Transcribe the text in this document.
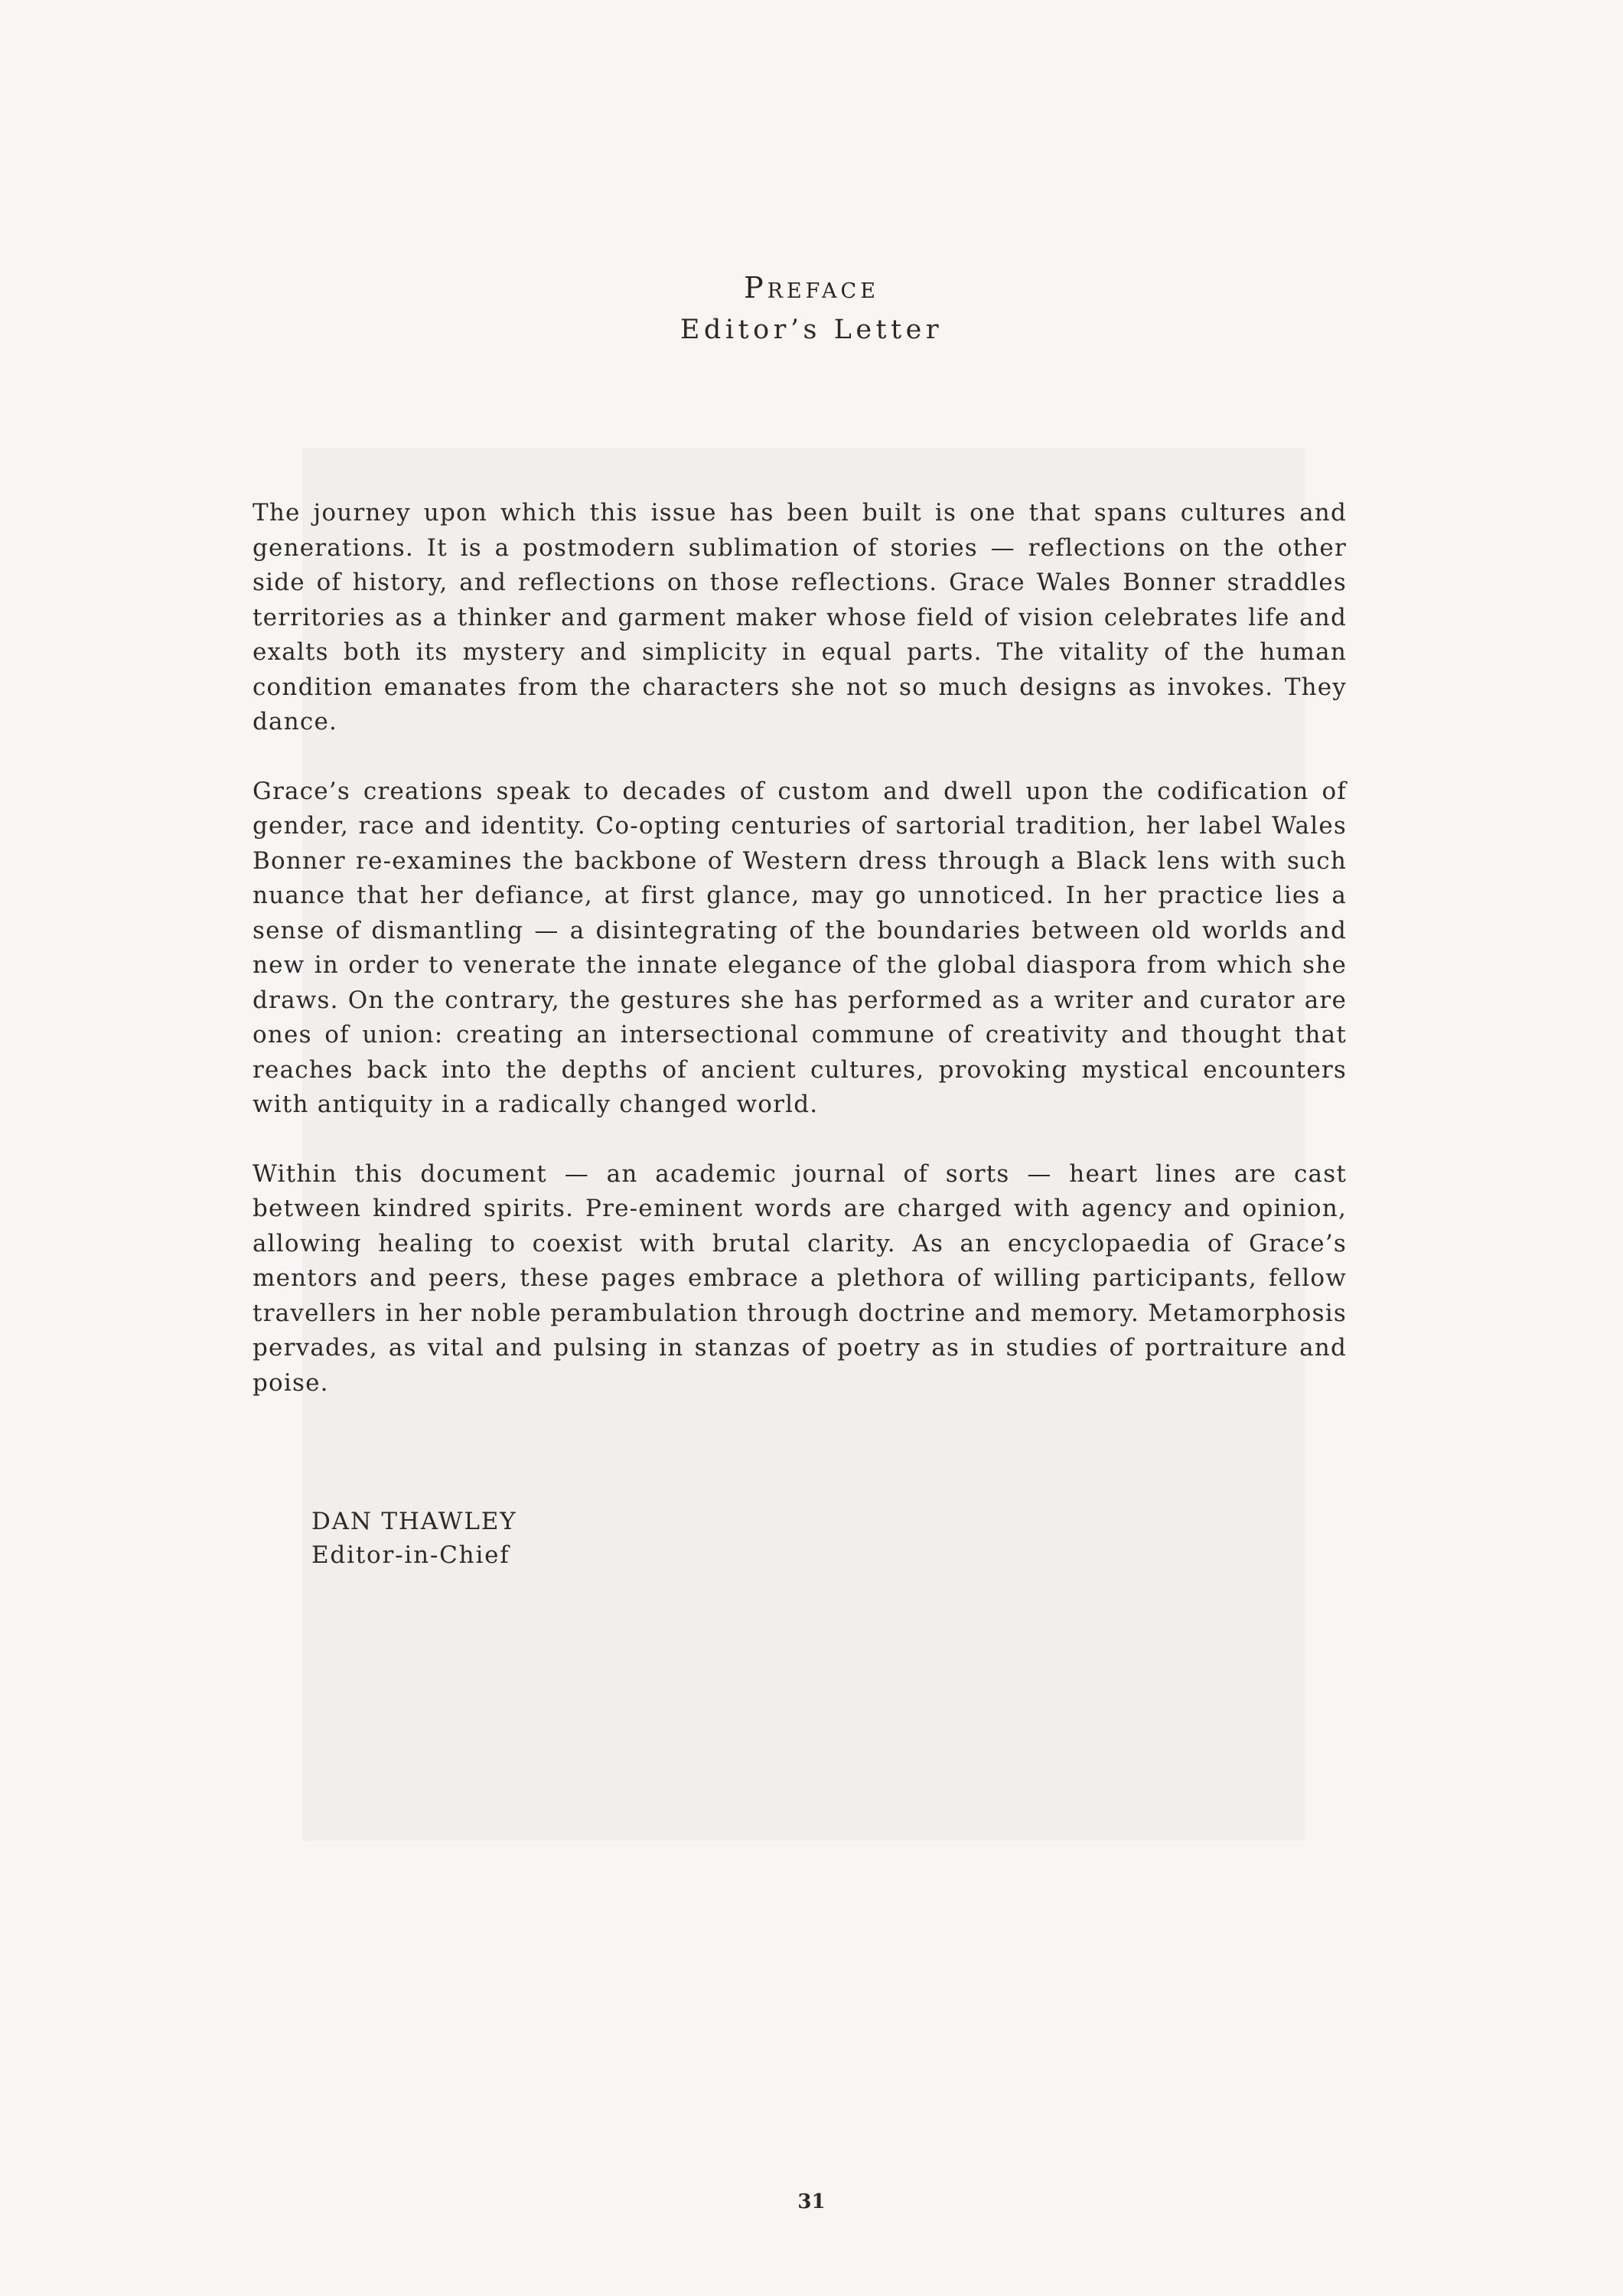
Preface
Editor’s Letter

The journey upon which this issue has been built is one that spans cultures and generations. It is a postmodern sublimation of stories — reflections on the other side of history, and reflections on those reflections. Grace Wales Bonner straddles territories as a thinker and garment maker whose field of vision celebrates life and exalts both its mystery and simplicity in equal parts. The vitality of the human condition emanates from the characters she not so much designs as invokes. They dance.

Grace’s creations speak to decades of custom and dwell upon the codification of gender, race and identity. Co-opting centuries of sartorial tradition, her label Wales Bonner re-examines the backbone of Western dress through a Black lens with such nuance that her defiance, at first glance, may go unnoticed. In her practice lies a sense of dismantling — a disintegrating of the boundaries between old worlds and new in order to venerate the innate elegance of the global diaspora from which she draws. On the contrary, the gestures she has performed as a writer and curator are ones of union: creating an intersectional commune of creativity and thought that reaches back into the depths of ancient cultures, provoking mystical encounters with antiquity in a radically changed world.

Within this document — an academic journal of sorts — heart lines are cast between kindred spirits. Pre-eminent words are charged with agency and opinion, allowing healing to coexist with brutal clarity. As an encyclopaedia of Grace’s mentors and peers, these pages embrace a plethora of willing participants, fellow travellers in her noble perambulation through doctrine and memory. Metamorphosis pervades, as vital and pulsing in stanzas of poetry as in studies of portraiture and poise.

DAN THAWLEY
Editor-in-Chief
31
